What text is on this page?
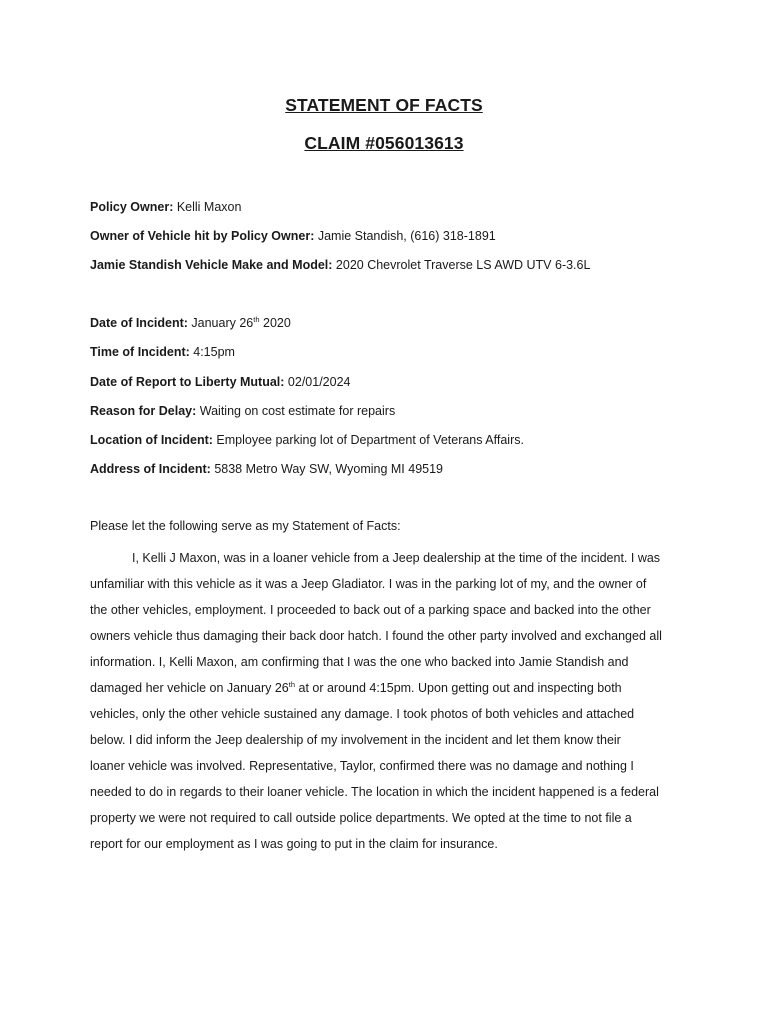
STATEMENT OF FACTS
CLAIM #056013613
Policy Owner: Kelli Maxon
Owner of Vehicle hit by Policy Owner: Jamie Standish, (616) 318-1891
Jamie Standish Vehicle Make and Model: 2020 Chevrolet Traverse LS AWD UTV 6-3.6L
Date of Incident: January 26th 2020
Time of Incident: 4:15pm
Date of Report to Liberty Mutual: 02/01/2024
Reason for Delay: Waiting on cost estimate for repairs
Location of Incident: Employee parking lot of Department of Veterans Affairs.
Address of Incident: 5838 Metro Way SW, Wyoming MI 49519
Please let the following serve as my Statement of Facts:
I, Kelli J Maxon, was in a loaner vehicle from a Jeep dealership at the time of the incident. I was
unfamiliar with this vehicle as it was a Jeep Gladiator. I was in the parking lot of my, and the owner of
the other vehicles, employment. I proceeded to back out of a parking space and backed into the other
owners vehicle thus damaging their back door hatch. I found the other party involved and exchanged all
information. I, Kelli Maxon, am confirming that I was the one who backed into Jamie Standish and
damaged her vehicle on January 26th at or around 4:15pm. Upon getting out and inspecting both
vehicles, only the other vehicle sustained any damage. I took photos of both vehicles and attached
below. I did inform the Jeep dealership of my involvement in the incident and let them know their
loaner vehicle was involved. Representative, Taylor, confirmed there was no damage and nothing I
needed to do in regards to their loaner vehicle. The location in which the incident happened is a federal
property we were not required to call outside police departments. We opted at the time to not file a
report for our employment as I was going to put in the claim for insurance.
